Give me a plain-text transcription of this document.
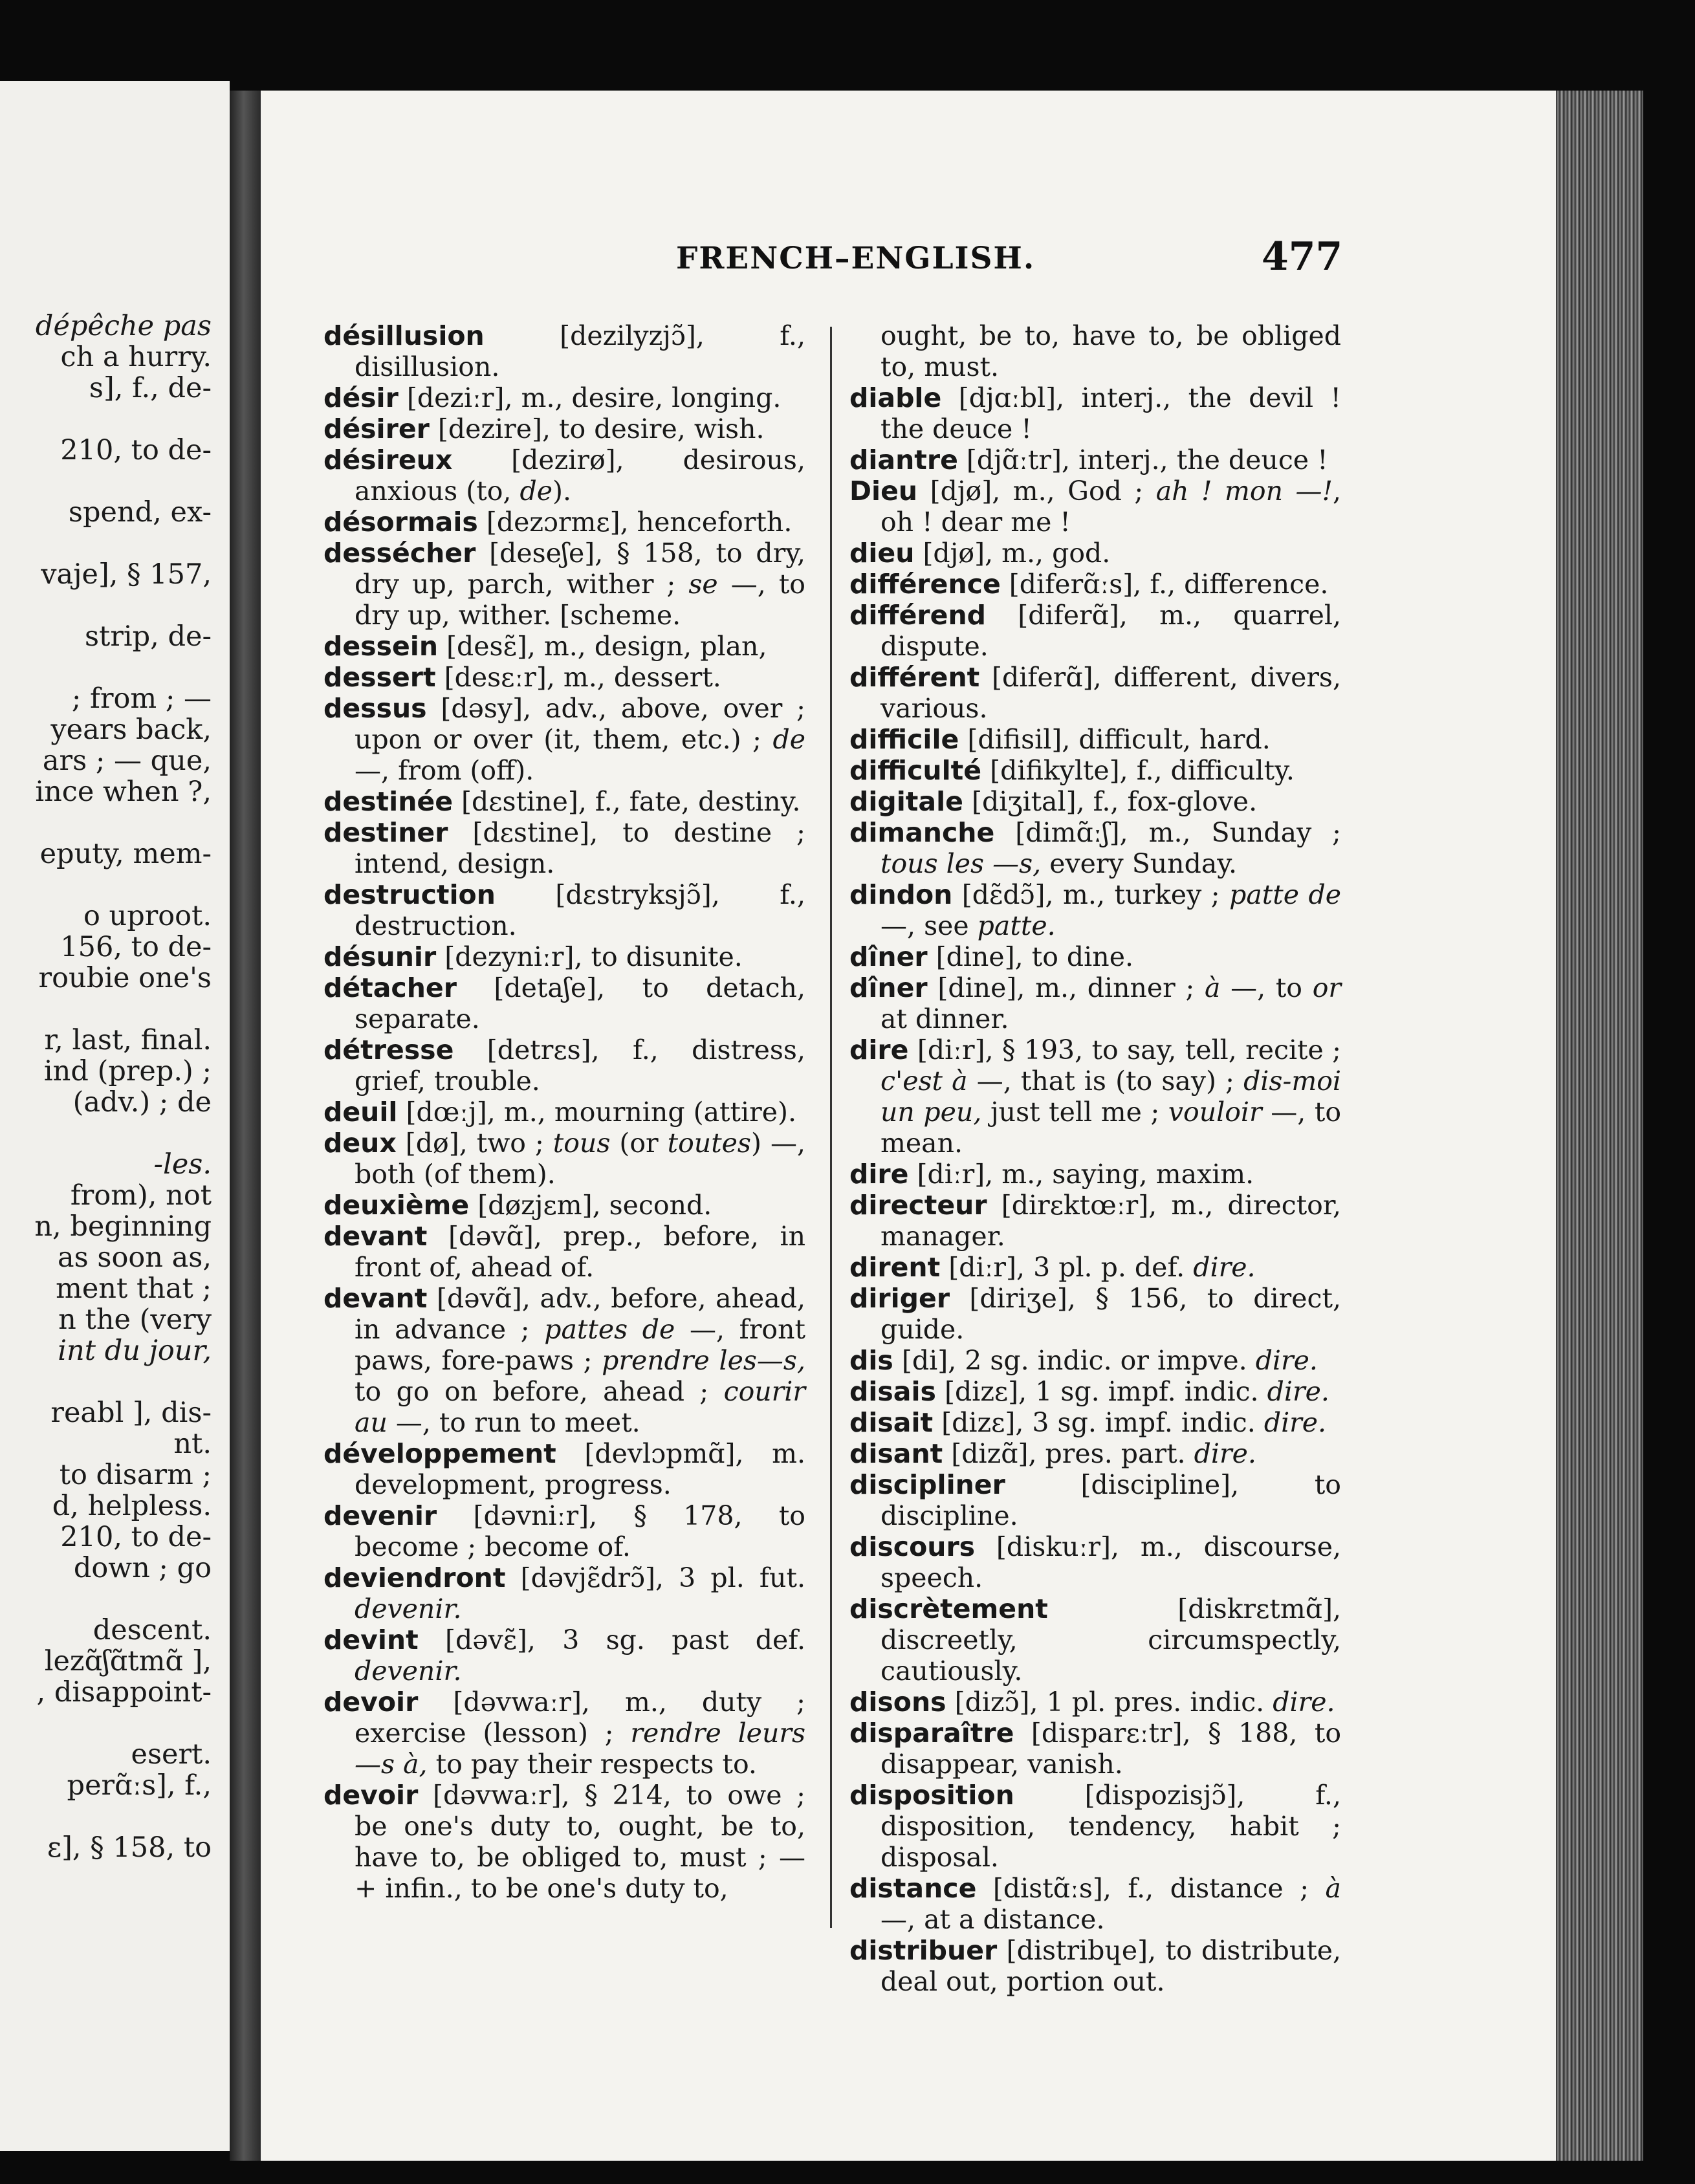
dépêche pas
ch a hurry.
s], f., de-
210, to de-
spend, ex-
vaje], § 157,
strip, de-
; from ; —
years back,
ars ; — que,
ince when ?,
eputy, mem-
o uproot.
156, to de-
roubie one's
r, last, final.
ind (prep.) ;
(adv.) ; de
-les.
from), not
n, beginning
as soon as,
ment that ;
n the (very
int du jour,
reabl ], dis-
nt.
to disarm ;
d, helpless.
210, to de-
down ; go
descent.
lezɑ̃ʃɑ̃tmɑ̃ ],
, disappoint-
esert.
perɑ̃ːs], f.,
ɛ], § 158, to
FRENCH–ENGLISH.	477

désillusion [dezilyzjɔ̃], f., disillusion.

désir [deziːr], m., desire, longing.

désirer [dezire], to desire, wish.

désireux [dezirø], desirous, anxious (to, de).

désormais [dezɔrmɛ], henceforth.

dessécher [deseʃe], § 158, to dry, dry up, parch, wither ; se —, to dry up, wither. [scheme.

dessein [desɛ̃], m., design, plan,

dessert [desɛːr], m., dessert.

dessus [dəsy], adv., above, over ; upon or over (it, them, etc.) ; de —, from (off).

destinée [dɛstine], f., fate, destiny.

destiner [dɛstine], to destine ; intend, design.

destruction [dɛstryksjɔ̃], f., destruction.

désunir [dezyniːr], to disunite.

détacher [detaʃe], to detach, separate.

détresse [detrɛs], f., distress, grief, trouble.

deuil [dœːj], m., mourning (attire).

deux [dø], two ; tous (or toutes) —, both (of them).

deuxième [døzjɛm], second.

devant [dəvɑ̃], prep., before, in front of, ahead of.

devant [dəvɑ̃], adv., before, ahead, in advance ; pattes de —, front paws, fore-paws ; prendre les—s, to go on before, ahead ; courir au —, to run to meet.

développement [devlɔpmɑ̃], m. development, progress.

devenir [dəvniːr], § 178, to become ; become of.

deviendront [dəvjɛ̃drɔ̃], 3 pl. fut. devenir.

devint [dəvɛ̃], 3 sg. past def. devenir.

devoir [dəvwaːr], m., duty ; exercise (lesson) ; rendre leurs —s à, to pay their respects to.

devoir [dəvwaːr], § 214, to owe ; be one's duty to, ought, be to, have to, be obliged to, must ; — + infin., to be one's duty to,

ought, be to, have to, be obliged to, must.

diable [djɑːbl], interj., the devil ! the deuce !

diantre [djɑ̃ːtr], interj., the deuce !

Dieu [djø], m., God ; ah ! mon —!, oh ! dear me !

dieu [djø], m., god.

différence [diferɑ̃ːs], f., difference.

différend [diferɑ̃], m., quarrel, dispute.

différent [diferɑ̃], different, divers, various.

difficile [difisil], difficult, hard.

difficulté [difikylte], f., difficulty.

digitale [diʒital], f., fox-glove.

dimanche [dimɑ̃ːʃ], m., Sunday ; tous les —s, every Sunday.

dindon [dɛ̃dɔ̃], m., turkey ; patte de —, see patte.

dîner [dine], to dine.

dîner [dine], m., dinner ; à —, to or at dinner.

dire [diːr], § 193, to say, tell, recite ; c'est à —, that is (to say) ; dis-moi un peu, just tell me ; vouloir —, to mean.

dire [diːr], m., saying, maxim.

directeur [dirɛktœːr], m., director, manager.

dirent [diːr], 3 pl. p. def. dire.

diriger [diriʒe], § 156, to direct, guide.

dis [di], 2 sg. indic. or impve. dire.

disais [dizɛ], 1 sg. impf. indic. dire.

disait [dizɛ], 3 sg. impf. indic. dire.

disant [dizɑ̃], pres. part. dire.

discipliner [discipline], to discipline.

discours [diskuːr], m., discourse, speech.

discrètement [diskrɛtmɑ̃], discreetly, circumspectly, cautiously.

disons [dizɔ̃], 1 pl. pres. indic. dire.

disparaître [disparɛːtr], § 188, to disappear, vanish.

disposition [dispozisjɔ̃], f., disposition, tendency, habit ; disposal.

distance [distɑ̃ːs], f., distance ; à —, at a distance.

distribuer [distribɥe], to distribute, deal out, portion out.
